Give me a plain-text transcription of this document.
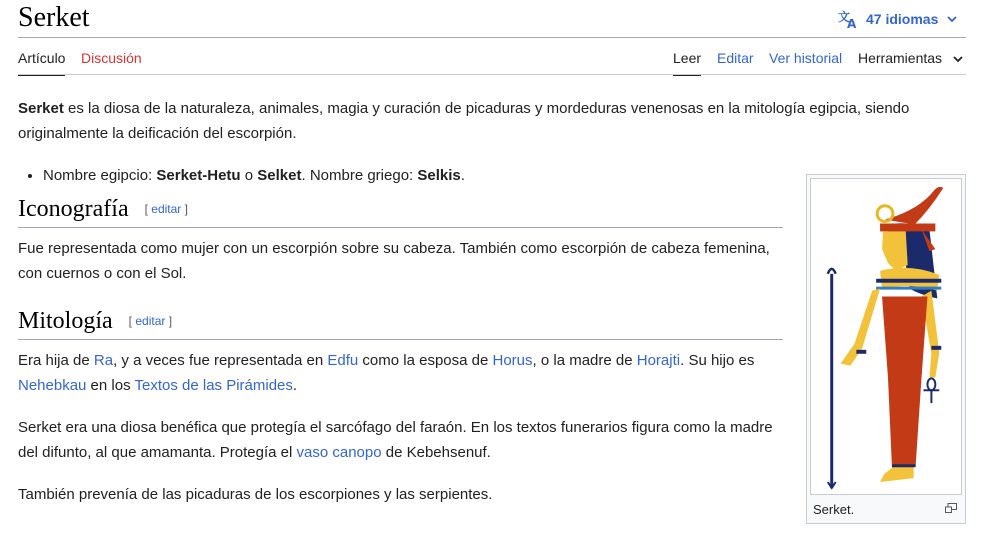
Serket	文
A 47 idiomas
Artículo Discusión	Leer Editar Ver historial Herramientas

Serket es la diosa de la naturaleza, animales, magia y curación de picaduras y mordeduras venenosas en la mitología egipcia, siendo originalmente la deificación del escorpión.

• Nombre egipcio: Serket-Hetu o Selket. Nombre griego: Selkis.
Iconografía [ editar ]

Fue representada como mujer con un escorpión sobre su cabeza. También como escorpión de cabeza femenina, con cuernos o con el Sol.

Mitología [ editar ]

Era hija de Ra, y a veces fue representada en Edfu como la esposa de Horus, o la madre de Horajti. Su hijo es Nehebkau en los Textos de las Pirámides.

Serket era una diosa benéfica que protegía el sarcófago del faraón. En los textos funerarios figura como la madre del difunto, al que amamanta. Protegía el vaso canopo de Kebehsenuf.

También prevenía de las picaduras de los escorpiones y las serpientes.

Serket.
